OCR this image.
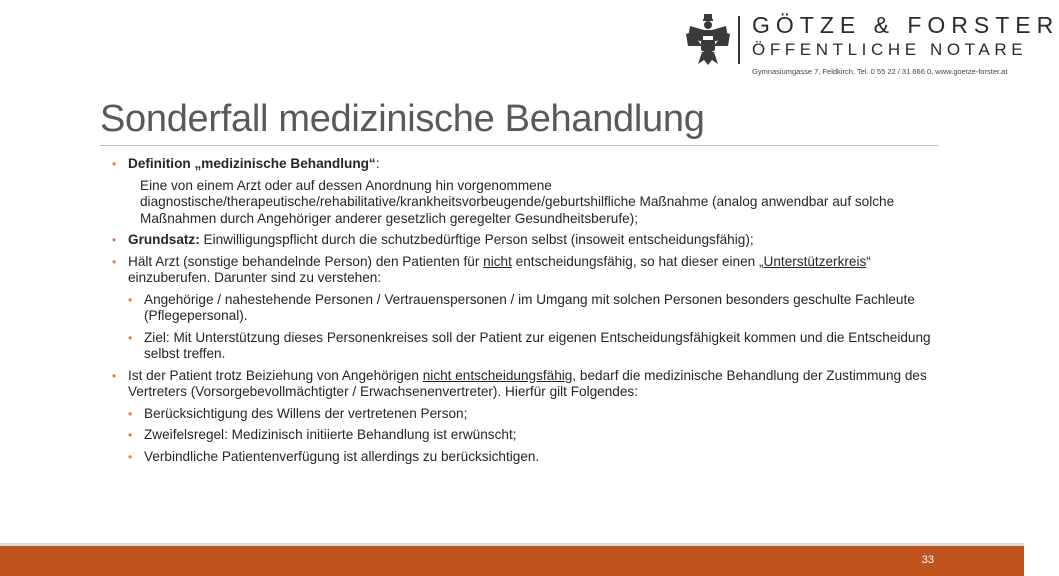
GÖTZE & FORSTER
ÖFFENTLICHE NOTARE
Gymnasiumgasse 7, Feldkirch, Tel. 0 55 22 / 31 666 0, www.goetze-forster.at
Sonderfall medizinische Behandlung
• Definition „medizinische Behandlung“:
Eine von einem Arzt oder auf dessen Anordnung hin vorgenommene diagnostische/therapeutische/rehabilitative/krankheitsvorbeugende/geburtshilfliche Maßnahme (analog anwendbar auf solche Maßnahmen durch Angehöriger anderer gesetzlich geregelter Gesundheitsberufe);
• Grundsatz: Einwilligungspflicht durch die schutzbedürftige Person selbst (insoweit entscheidungsfähig);
• Hält Arzt (sonstige behandelnde Person) den Patienten für nicht entscheidungsfähig, so hat dieser einen „Unterstützerkreis“ einzuberufen. Darunter sind zu verstehen:
• Angehörige / nahestehende Personen / Vertrauenspersonen / im Umgang mit solchen Personen besonders geschulte Fachleute (Pflegepersonal).
• Ziel: Mit Unterstützung dieses Personenkreises soll der Patient zur eigenen Entscheidungsfähigkeit kommen und die Entscheidung selbst treffen.
• Ist der Patient trotz Beiziehung von Angehörigen nicht entscheidungsfähig, bedarf die medizinische Behandlung der Zustimmung des Vertreters (Vorsorgebevollmächtigter / Erwachsenenvertreter). Hierfür gilt Folgendes:
• Berücksichtigung des Willens der vertretenen Person;
• Zweifelsregel: Medizinisch initiierte Behandlung ist erwünscht;
• Verbindliche Patientenverfügung ist allerdings zu berücksichtigen.
33
